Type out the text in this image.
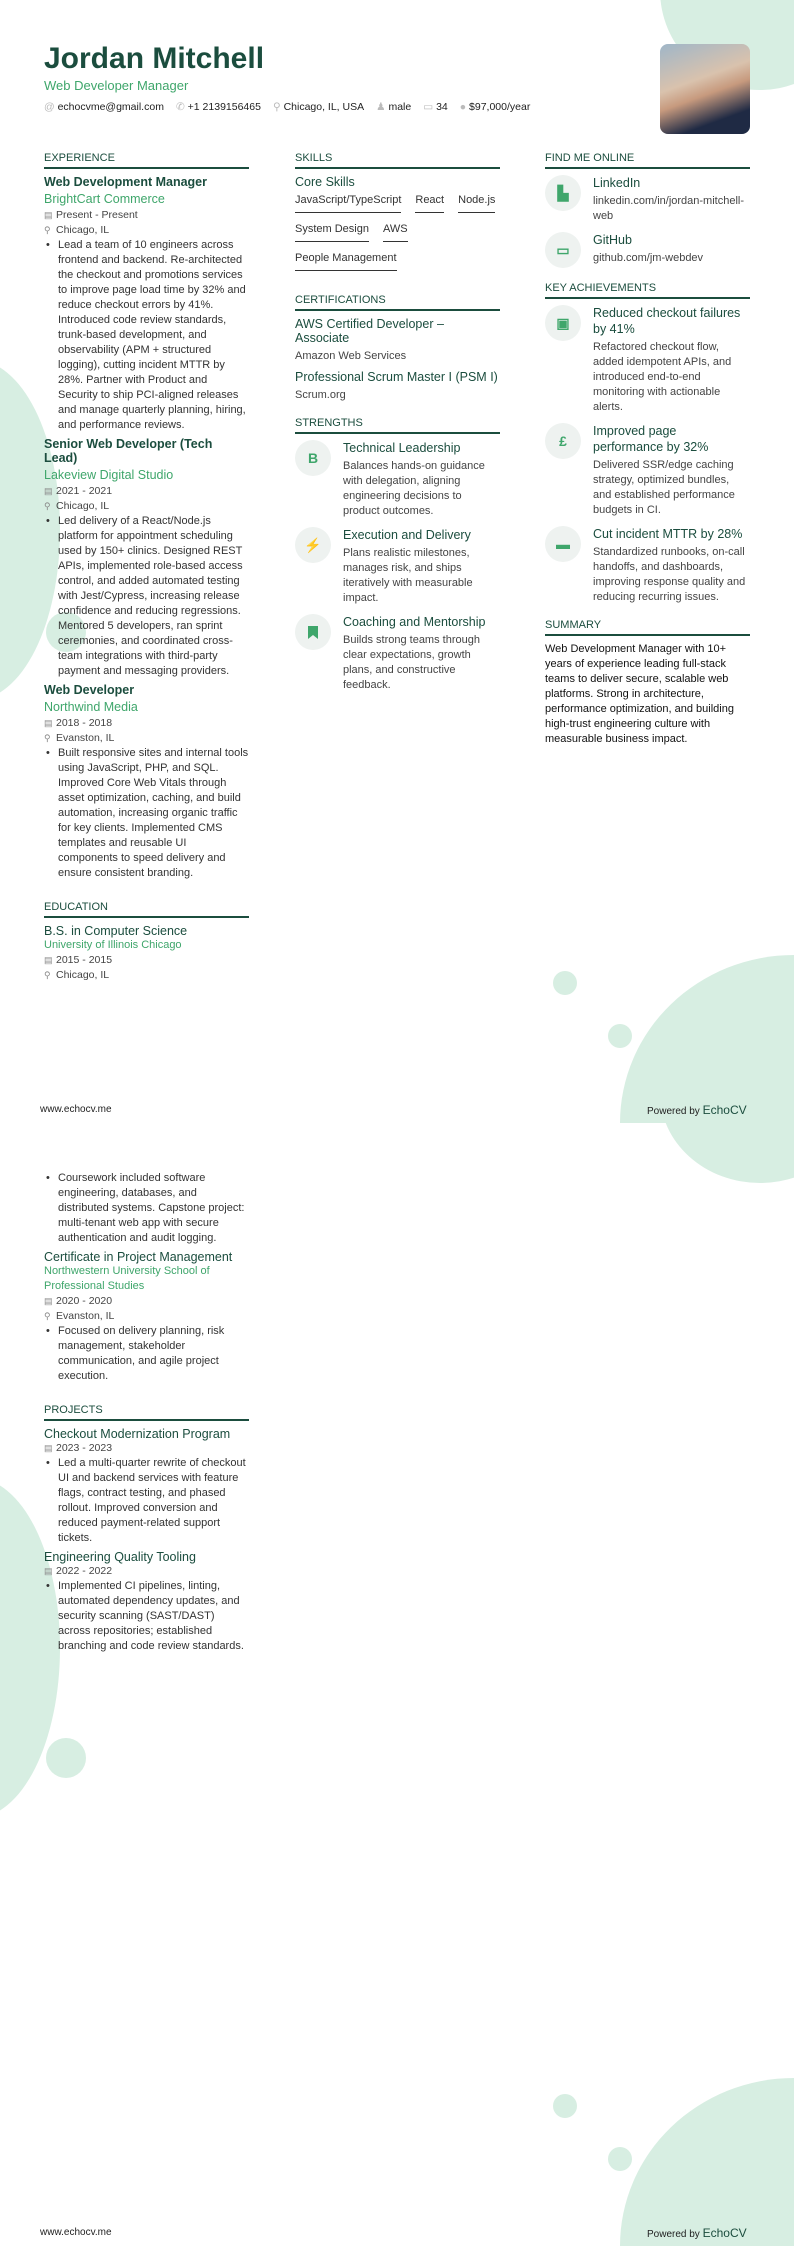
Jordan Mitchell
Web Developer Manager
@ echocvme@gmail.com ✆ +1 2139156465 ⚲ Chicago, IL, USA ♟ male ▭ 34 ● $97,000/year
EXPERIENCE
Web Development Manager
BrightCart Commerce
▤ Present - Present
⚲ Chicago, IL
• Lead a team of 10 engineers across frontend and backend. Re-architected the checkout and promotions services to improve page load time by 32% and reduce checkout errors by 41%. Introduced code review standards, trunk-based development, and observability (APM + structured logging), cutting incident MTTR by 28%. Partner with Product and Security to ship PCI-aligned releases and manage quarterly planning, hiring, and performance reviews.
Senior Web Developer (Tech Lead)
Lakeview Digital Studio
▤ 2021 - 2021
⚲ Chicago, IL
• Led delivery of a React/Node.js platform for appointment scheduling used by 150+ clinics. Designed REST APIs, implemented role-based access control, and added automated testing with Jest/Cypress, increasing release confidence and reducing regressions. Mentored 5 developers, ran sprint ceremonies, and coordinated cross-team integrations with third-party payment and messaging providers.
Web Developer
Northwind Media
▤ 2018 - 2018
⚲ Evanston, IL
• Built responsive sites and internal tools using JavaScript, PHP, and SQL. Improved Core Web Vitals through asset optimization, caching, and build automation, increasing organic traffic for key clients. Implemented CMS templates and reusable UI components to speed delivery and ensure consistent branding.
EDUCATION
B.S. in Computer Science
University of Illinois Chicago
▤ 2015 - 2015
⚲ Chicago, IL
SKILLS
Core Skills
JavaScript/TypeScript React Node.js
System Design AWS
People Management
CERTIFICATIONS
AWS Certified Developer – Associate
Amazon Web Services
Professional Scrum Master I (PSM I)
Scrum.org
STRENGTHS
B
Technical Leadership
Balances hands-on guidance with delegation, aligning engineering decisions to product outcomes.
⚡
Execution and Delivery
Plans realistic milestones, manages risk, and ships iteratively with measurable impact.
Coaching and Mentorship
Builds strong teams through clear expectations, growth plans, and constructive feedback.
FIND ME ONLINE
▙
LinkedIn
linkedin.com/in/jordan-mitchell-web
▭
GitHub
github.com/jm-webdev
KEY ACHIEVEMENTS
▣
Reduced checkout failures by 41%
Refactored checkout flow, added idempotent APIs, and introduced end-to-end monitoring with actionable alerts.
£
Improved page performance by 32%
Delivered SSR/edge caching strategy, optimized bundles, and established performance budgets in CI.
▬
Cut incident MTTR by 28%
Standardized runbooks, on-call handoffs, and dashboards, improving response quality and reducing recurring issues.
SUMMARY
Web Development Manager with 10+ years of experience leading full-stack teams to deliver secure, scalable web platforms. Strong in architecture, performance optimization, and building high-trust engineering culture with measurable business impact.
www.echocv.me	Powered by EchoCV
• Coursework included software engineering, databases, and distributed systems. Capstone project: multi-tenant web app with secure authentication and audit logging.
Certificate in Project Management
Northwestern University School of Professional Studies
▤ 2020 - 2020
⚲ Evanston, IL
• Focused on delivery planning, risk management, stakeholder communication, and agile project execution.
PROJECTS
Checkout Modernization Program
▤ 2023 - 2023
• Led a multi-quarter rewrite of checkout UI and backend services with feature flags, contract testing, and phased rollout. Improved conversion and reduced payment-related support tickets.
Engineering Quality Tooling
▤ 2022 - 2022
• Implemented CI pipelines, linting, automated dependency updates, and security scanning (SAST/DAST) across repositories; established branching and code review standards.
www.echocv.me	Powered by EchoCV
